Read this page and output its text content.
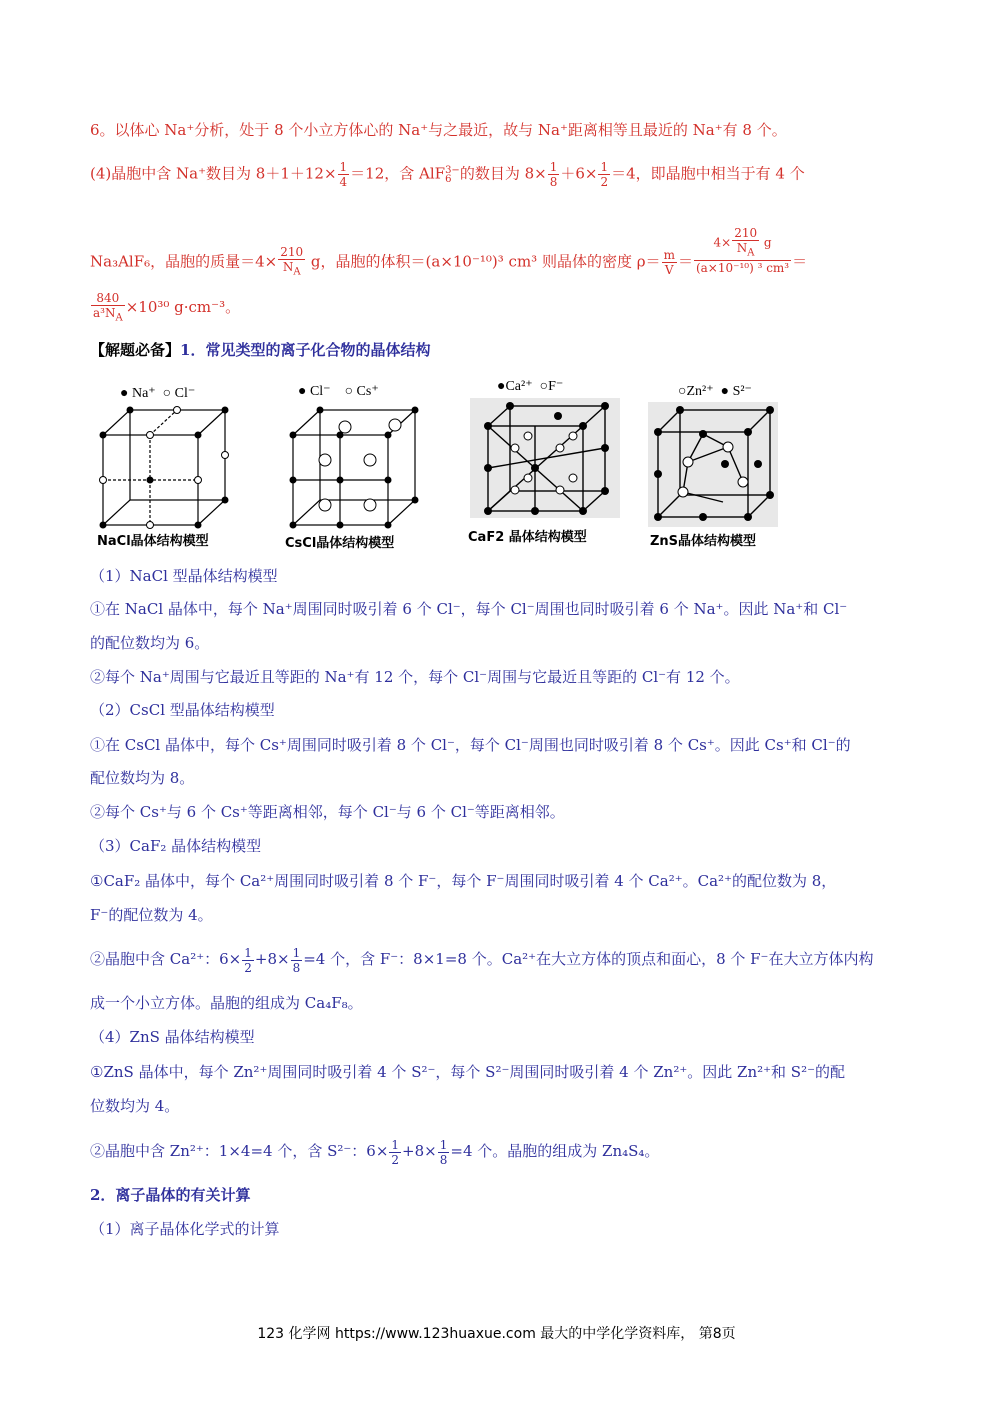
6。以体心 Na⁺分析，处于 8 个小立方体心的 Na⁺与之最近，故与 Na⁺距离相等且最近的 Na⁺有 8 个。
(4)晶胞中含 Na⁺数目为 $8+1+12\times \frac{1}{4} =12$，含 AlF 3−
6 的数目为 $8\times \frac{1}{8} +6\times \frac{1}{2} =4$，即晶胞中相当于有 4 个
Na₃AlF₆，晶胞的质量$=4\times \frac{210}{N_A}$ g，晶胞的体积＝(a×10⁻¹⁰)³ cm³ 则晶体的密度 $\rho= \frac{m}{V} = \frac{4\times \frac{210}{N_A} g}{\text{(a×10⁻¹⁰) ³ cm³}}$ ＝
$\frac{840}{a^3N_A} \times 10^{30}$ g·cm⁻³。
【解题必备】1．常见类型的离子化合物的晶体结构
● Na⁺ ○ Cl⁻
NaCl晶体结构模型
● Cl⁻ ○ Cs⁺
CsCl晶体结构模型
●Ca²⁺ ○F⁻
CaF2 晶体结构模型
○Zn²⁺ ● S²⁻
ZnS晶体结构模型
（1）NaCl 型晶体结构模型
①在 NaCl 晶体中，每个 Na⁺周围同时吸引着 6 个 Cl⁻，每个 Cl⁻周围也同时吸引着 6 个 Na⁺。因此 Na⁺和 Cl⁻
的配位数均为 6。
②每个 Na⁺周围与它最近且等距的 Na⁺有 12 个，每个 Cl⁻周围与它最近且等距的 Cl⁻有 12 个。
（2）CsCl 型晶体结构模型
①在 CsCl 晶体中，每个 Cs⁺周围同时吸引着 8 个 Cl⁻，每个 Cl⁻周围也同时吸引着 8 个 Cs⁺。因此 Cs⁺和 Cl⁻的
配位数均为 8。
②每个 Cs⁺与 6 个 Cs⁺等距离相邻，每个 Cl⁻与 6 个 Cl⁻等距离相邻。
（3）CaF₂ 晶体结构模型
①CaF₂ 晶体中，每个 Ca²⁺周围同时吸引着 8 个 F⁻，每个 F⁻周围同时吸引着 4 个 Ca²⁺。Ca²⁺的配位数为 8，
F⁻的配位数为 4。
②晶胞中含 Ca²⁺：$6\times \frac{1}{2} +8\times \frac{1}{8} =4$ 个，含 F⁻：8×1=8 个。Ca²⁺在大立方体的顶点和面心，8 个 F⁻在大立方体内构
成一个小立方体。晶胞的组成为 Ca₄F₈。
（4）ZnS 晶体结构模型
①ZnS 晶体中，每个 Zn²⁺周围同时吸引着 4 个 S²⁻，每个 S²⁻周围同时吸引着 4 个 Zn²⁺。因此 Zn²⁺和 S²⁻的配
位数均为 4。
②晶胞中含 Zn²⁺：1×4=4 个，含 S²⁻：$6\times \frac{1}{2} +8\times \frac{1}{8} =4$ 个。晶胞的组成为 Zn₄S₄。
2．离子晶体的有关计算
（1）离子晶体化学式的计算
123 化学网 https://www.123huaxue.com 最大的中学化学资料库， 第8页
